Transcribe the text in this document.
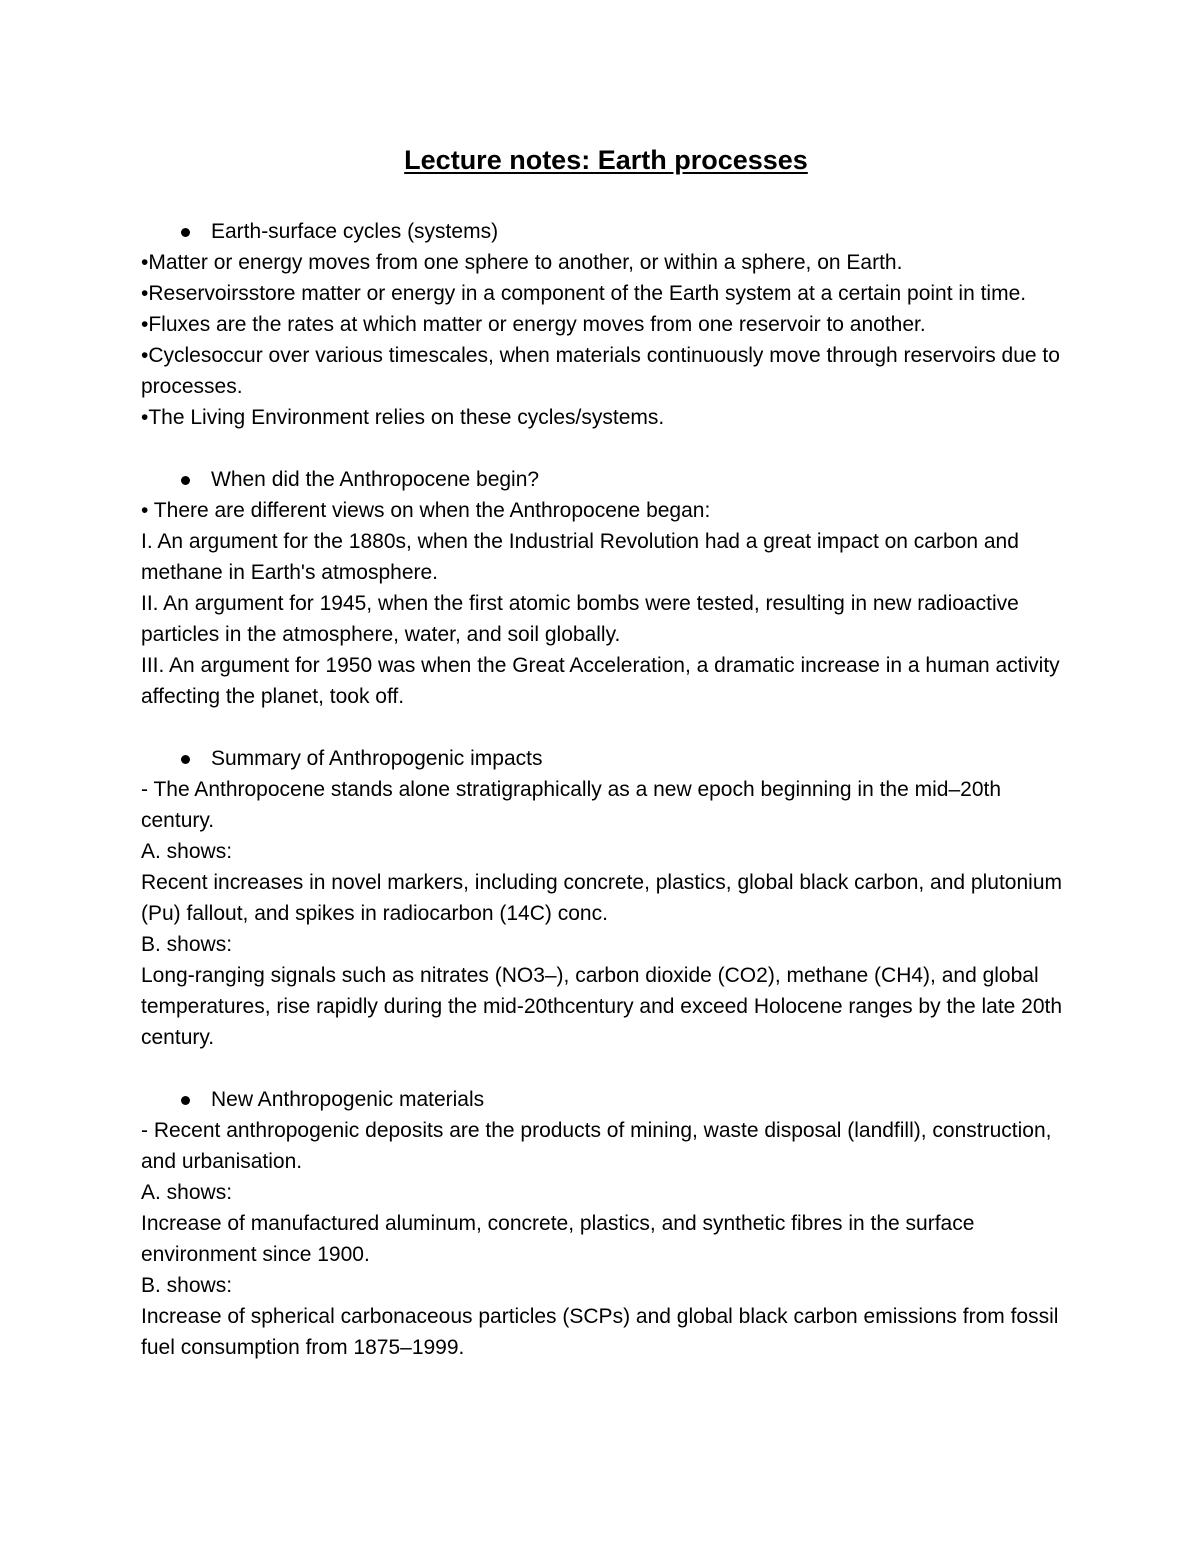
Lecture notes: Earth processes
Earth-surface cycles (systems)

•Matter or energy moves from one sphere to another, or within a sphere, on Earth.

•Reservoirsstore matter or energy in a component of the Earth system at a certain point in time.

•Fluxes are the rates at which matter or energy moves from one reservoir to another.

•Cyclesoccur over various timescales, when materials continuously move through reservoirs due to processes.

•The Living Environment relies on these cycles/systems.

When did the Anthropocene begin?

• There are different views on when the Anthropocene began:

I. An argument for the 1880s, when the Industrial Revolution had a great impact on carbon and methane in Earth's atmosphere.

II. An argument for 1945, when the first atomic bombs were tested, resulting in new radioactive particles in the atmosphere, water, and soil globally.

III. An argument for 1950 was when the Great Acceleration, a dramatic increase in a human activity affecting the planet, took off.

Summary of Anthropogenic impacts

- The Anthropocene stands alone stratigraphically as a new epoch beginning in the mid–20th century.

A. shows:

Recent increases in novel markers, including concrete, plastics, global black carbon, and plutonium (Pu) fallout, and spikes in radiocarbon (14C) conc.

B. shows:

Long-ranging signals such as nitrates (NO3–), carbon dioxide (CO2), methane (CH4), and global temperatures, rise rapidly during the mid-20thcentury and exceed Holocene ranges by the late 20th century.

New Anthropogenic materials

- Recent anthropogenic deposits are the products of mining, waste disposal (landfill), construction, and urbanisation.

A. shows:

Increase of manufactured aluminum, concrete, plastics, and synthetic fibres in the surface environment since 1900.

B. shows:

Increase of spherical carbonaceous particles (SCPs) and global black carbon emissions from fossil fuel consumption from 1875–1999.
